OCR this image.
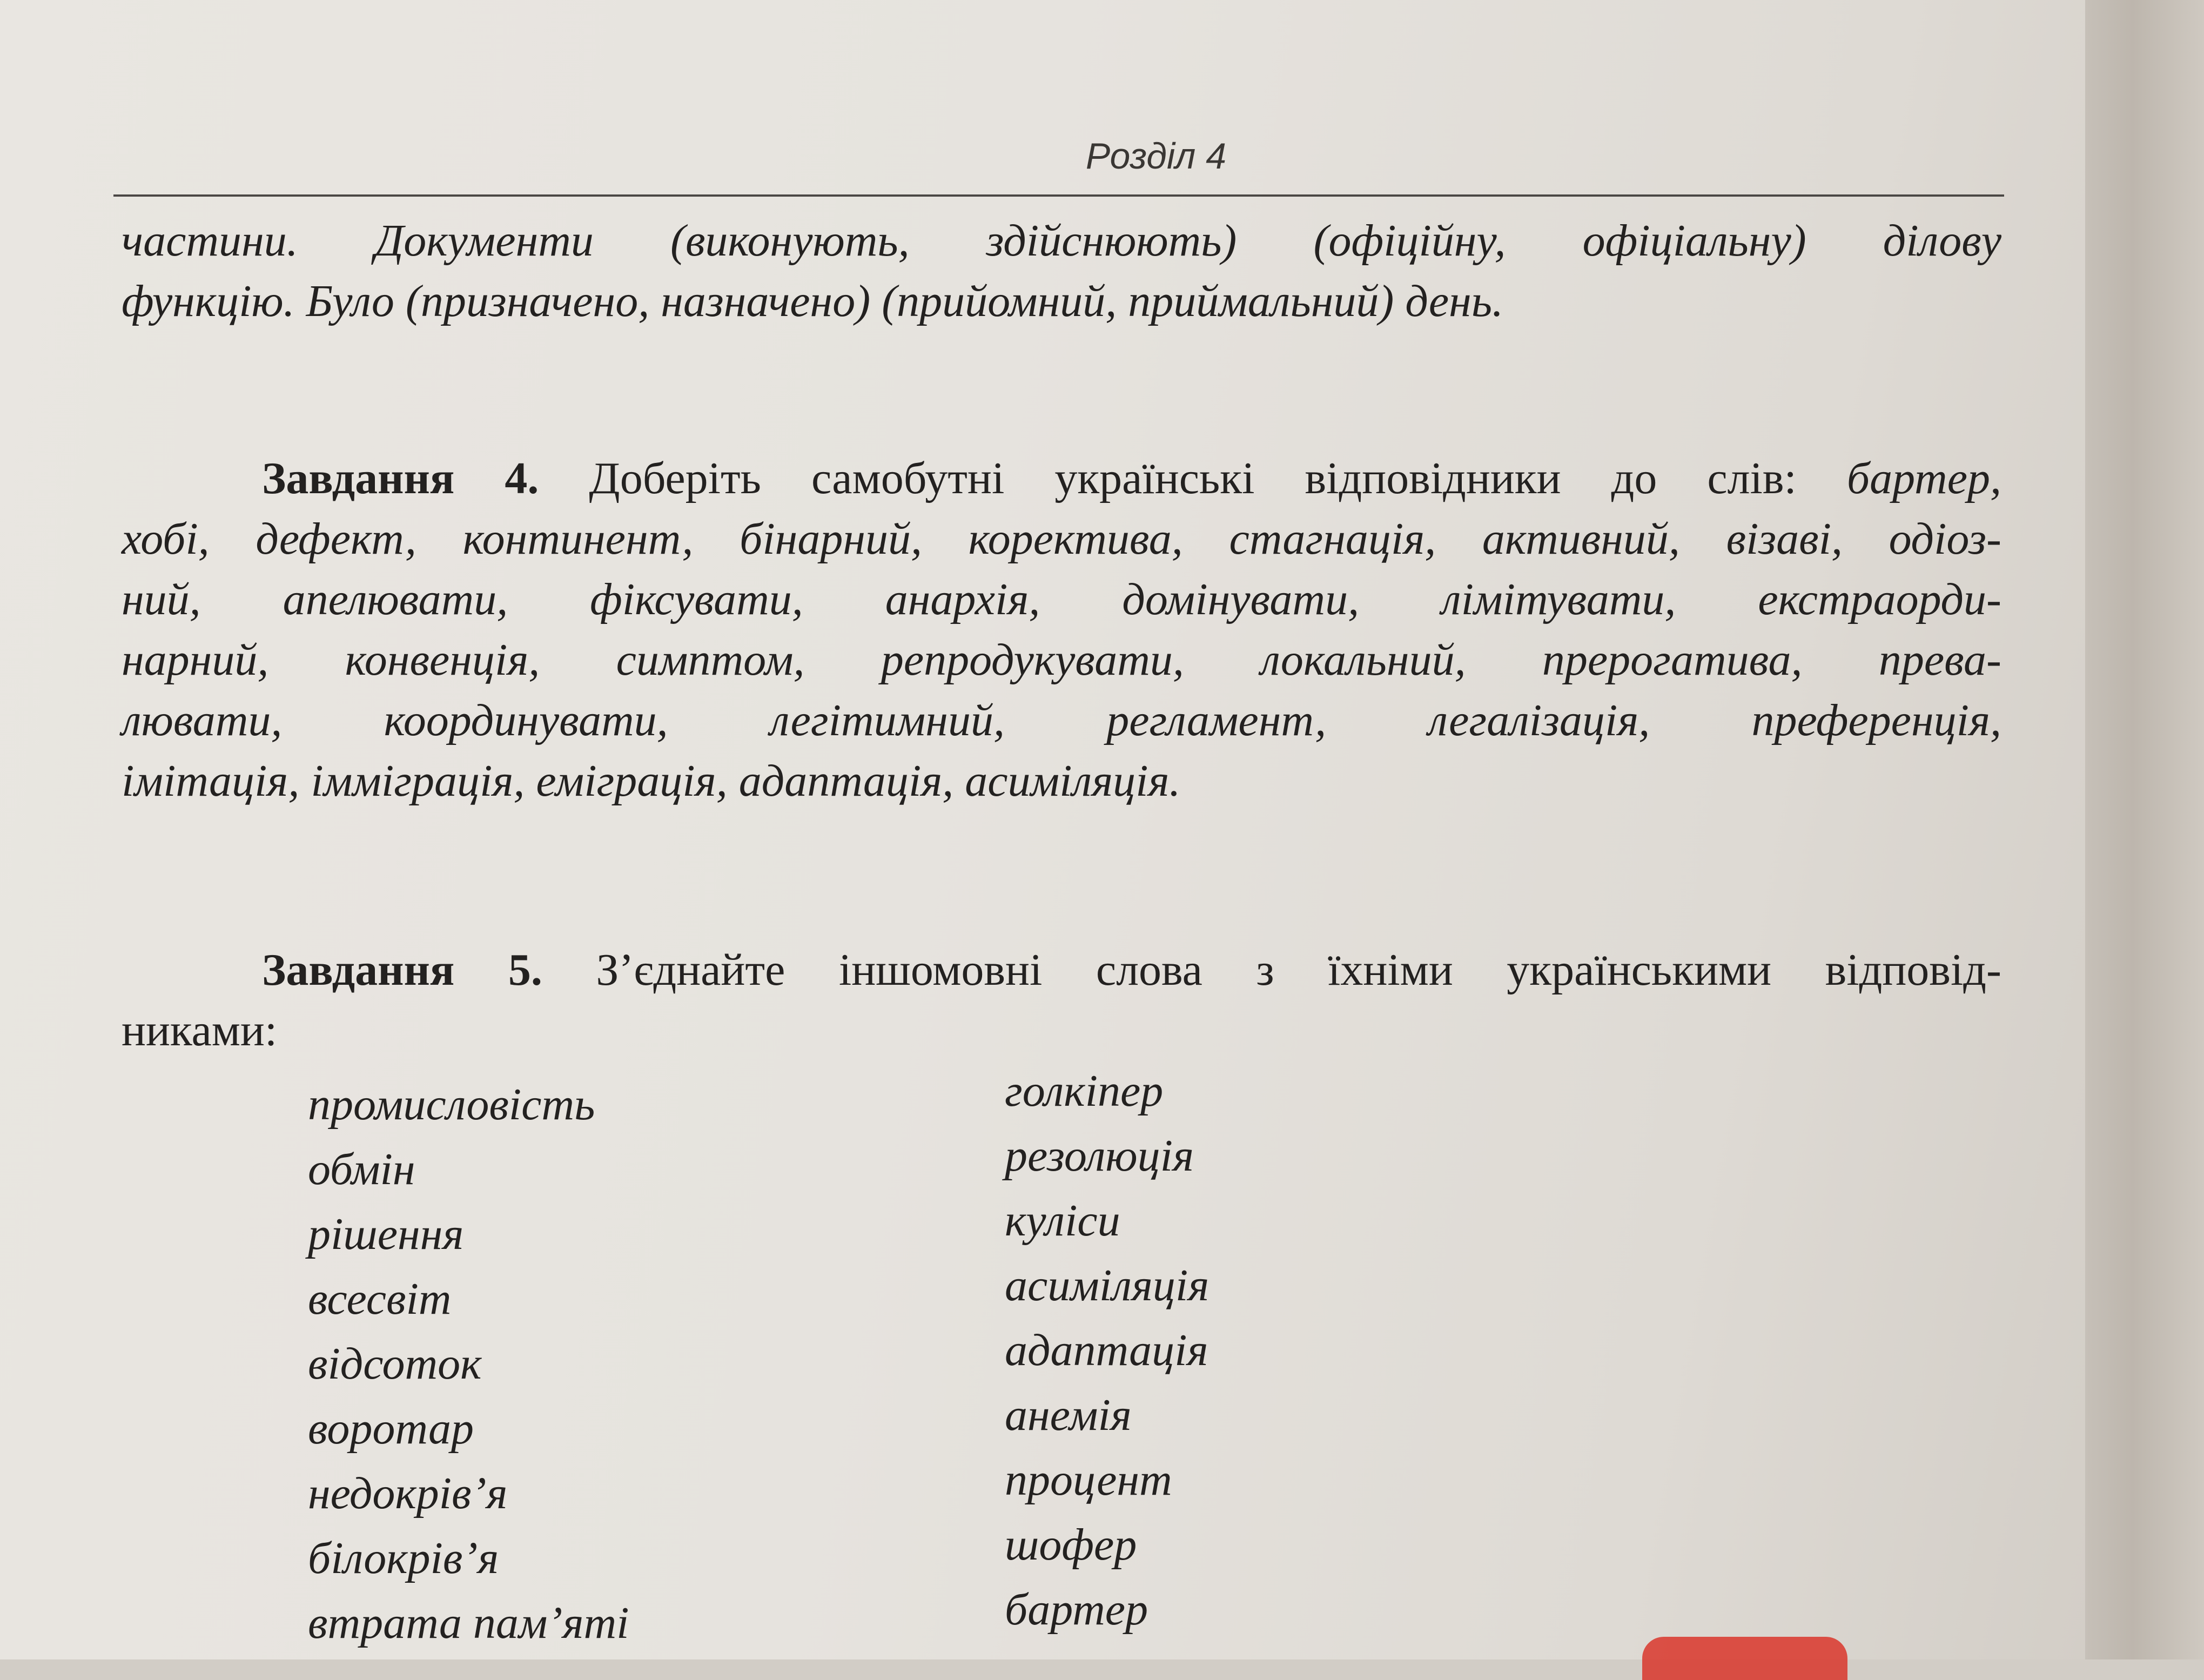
Розділ 4
частини. Документи (виконують, здійснюють) (офіційну, офіціальну) ділову
функцію. Було (призначено, назначено) (прийомний, приймальний) день.
Завдання 4. Доберіть самобутні українські відповідники до слів: бартер,
хобі, дефект, континент, бінарний, коректива, стагнація, активний, візаві, одіоз-
ний, апелювати, фіксувати, анархія, домінувати, лімітувати, екстраорди-
нарний, конвенція, симптом, репродукувати, локальний, прерогатива, прева-
лювати, координувати, легітимний, регламент, легалізація, преференція,
імітація, імміграція, еміграція, адаптація, асиміляція.
Завдання 5. З’єднайте іншомовні слова з їхніми українськими відповід-
никами:
промисловість
обмін
рішення
всесвіт
відсоток
воротар
недокрів’я
білокрів’я
втрата пам’яті
голкіпер
резолюція
куліси
асиміляція
адаптація
анемія
процент
шофер
бартер
